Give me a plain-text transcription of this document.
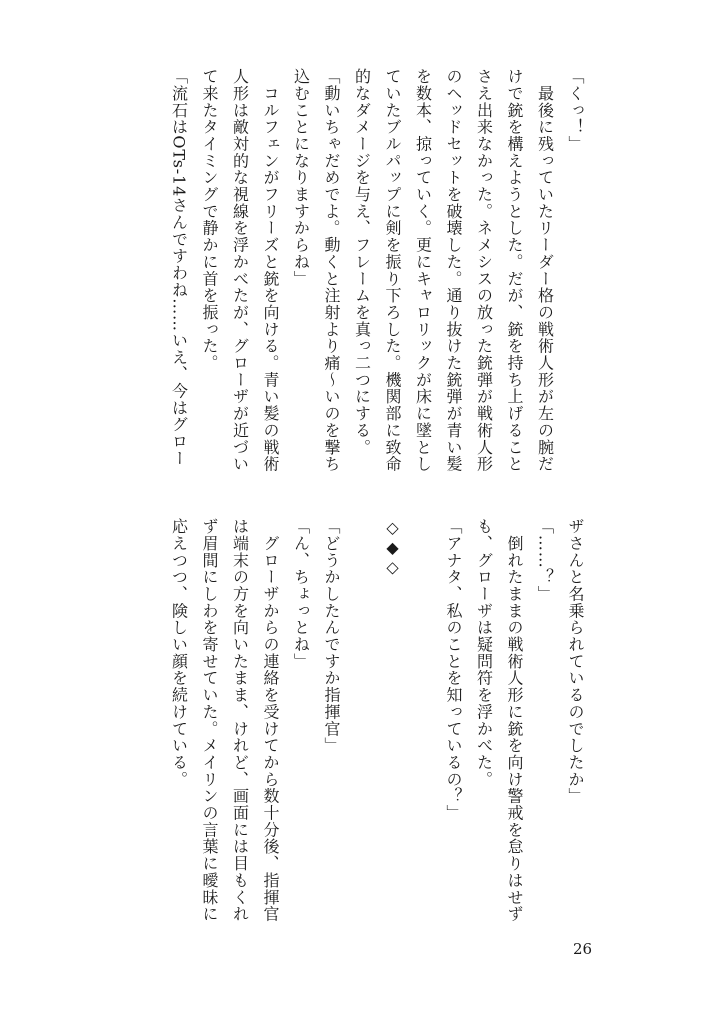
「くっ！」
　最後に残っていたリーダー格の戦術人形が左の腕だ
けで銃を構えようとした。だが、銃を持ち上げること
さえ出来なかった。ネメシスの放った銃弾が戦術人形
のヘッドセットを破壊した。通り抜けた銃弾が青い髪
を数本、掠っていく。更にキャロリックが床に墜とし
ていたブルパップに剣を振り下ろした。機関部に致命
的なダメージを与え、フレームを真っ二つにする。
「動いちゃだめでよ。動くと注射より痛〜いのを撃ち
込むことになりますからね」
　コルフェンがフリーズと銃を向ける。青い髪の戦術
人形は敵対的な視線を浮かべたが、グローザが近づい
て来たタイミングで静かに首を振った。
「流石はOTs-14さんですわね……いえ、今はグロー
ザさんと名乗られているのでしたか」
「……？」
　倒れたままの戦術人形に銃を向け警戒を怠りはせず
も、グローザは疑問符を浮かべた。
「アナタ、私のことを知っているの？」
◇◆◇
「どうかしたんですか指揮官」
「ん、ちょっとね」
　グローザからの連絡を受けてから数十分後、指揮官
は端末の方を向いたまま、けれど、画面には目もくれ
ず眉間にしわを寄せていた。メイリンの言葉に曖昧に
応えつつ、険しい顔を続けている。
26
